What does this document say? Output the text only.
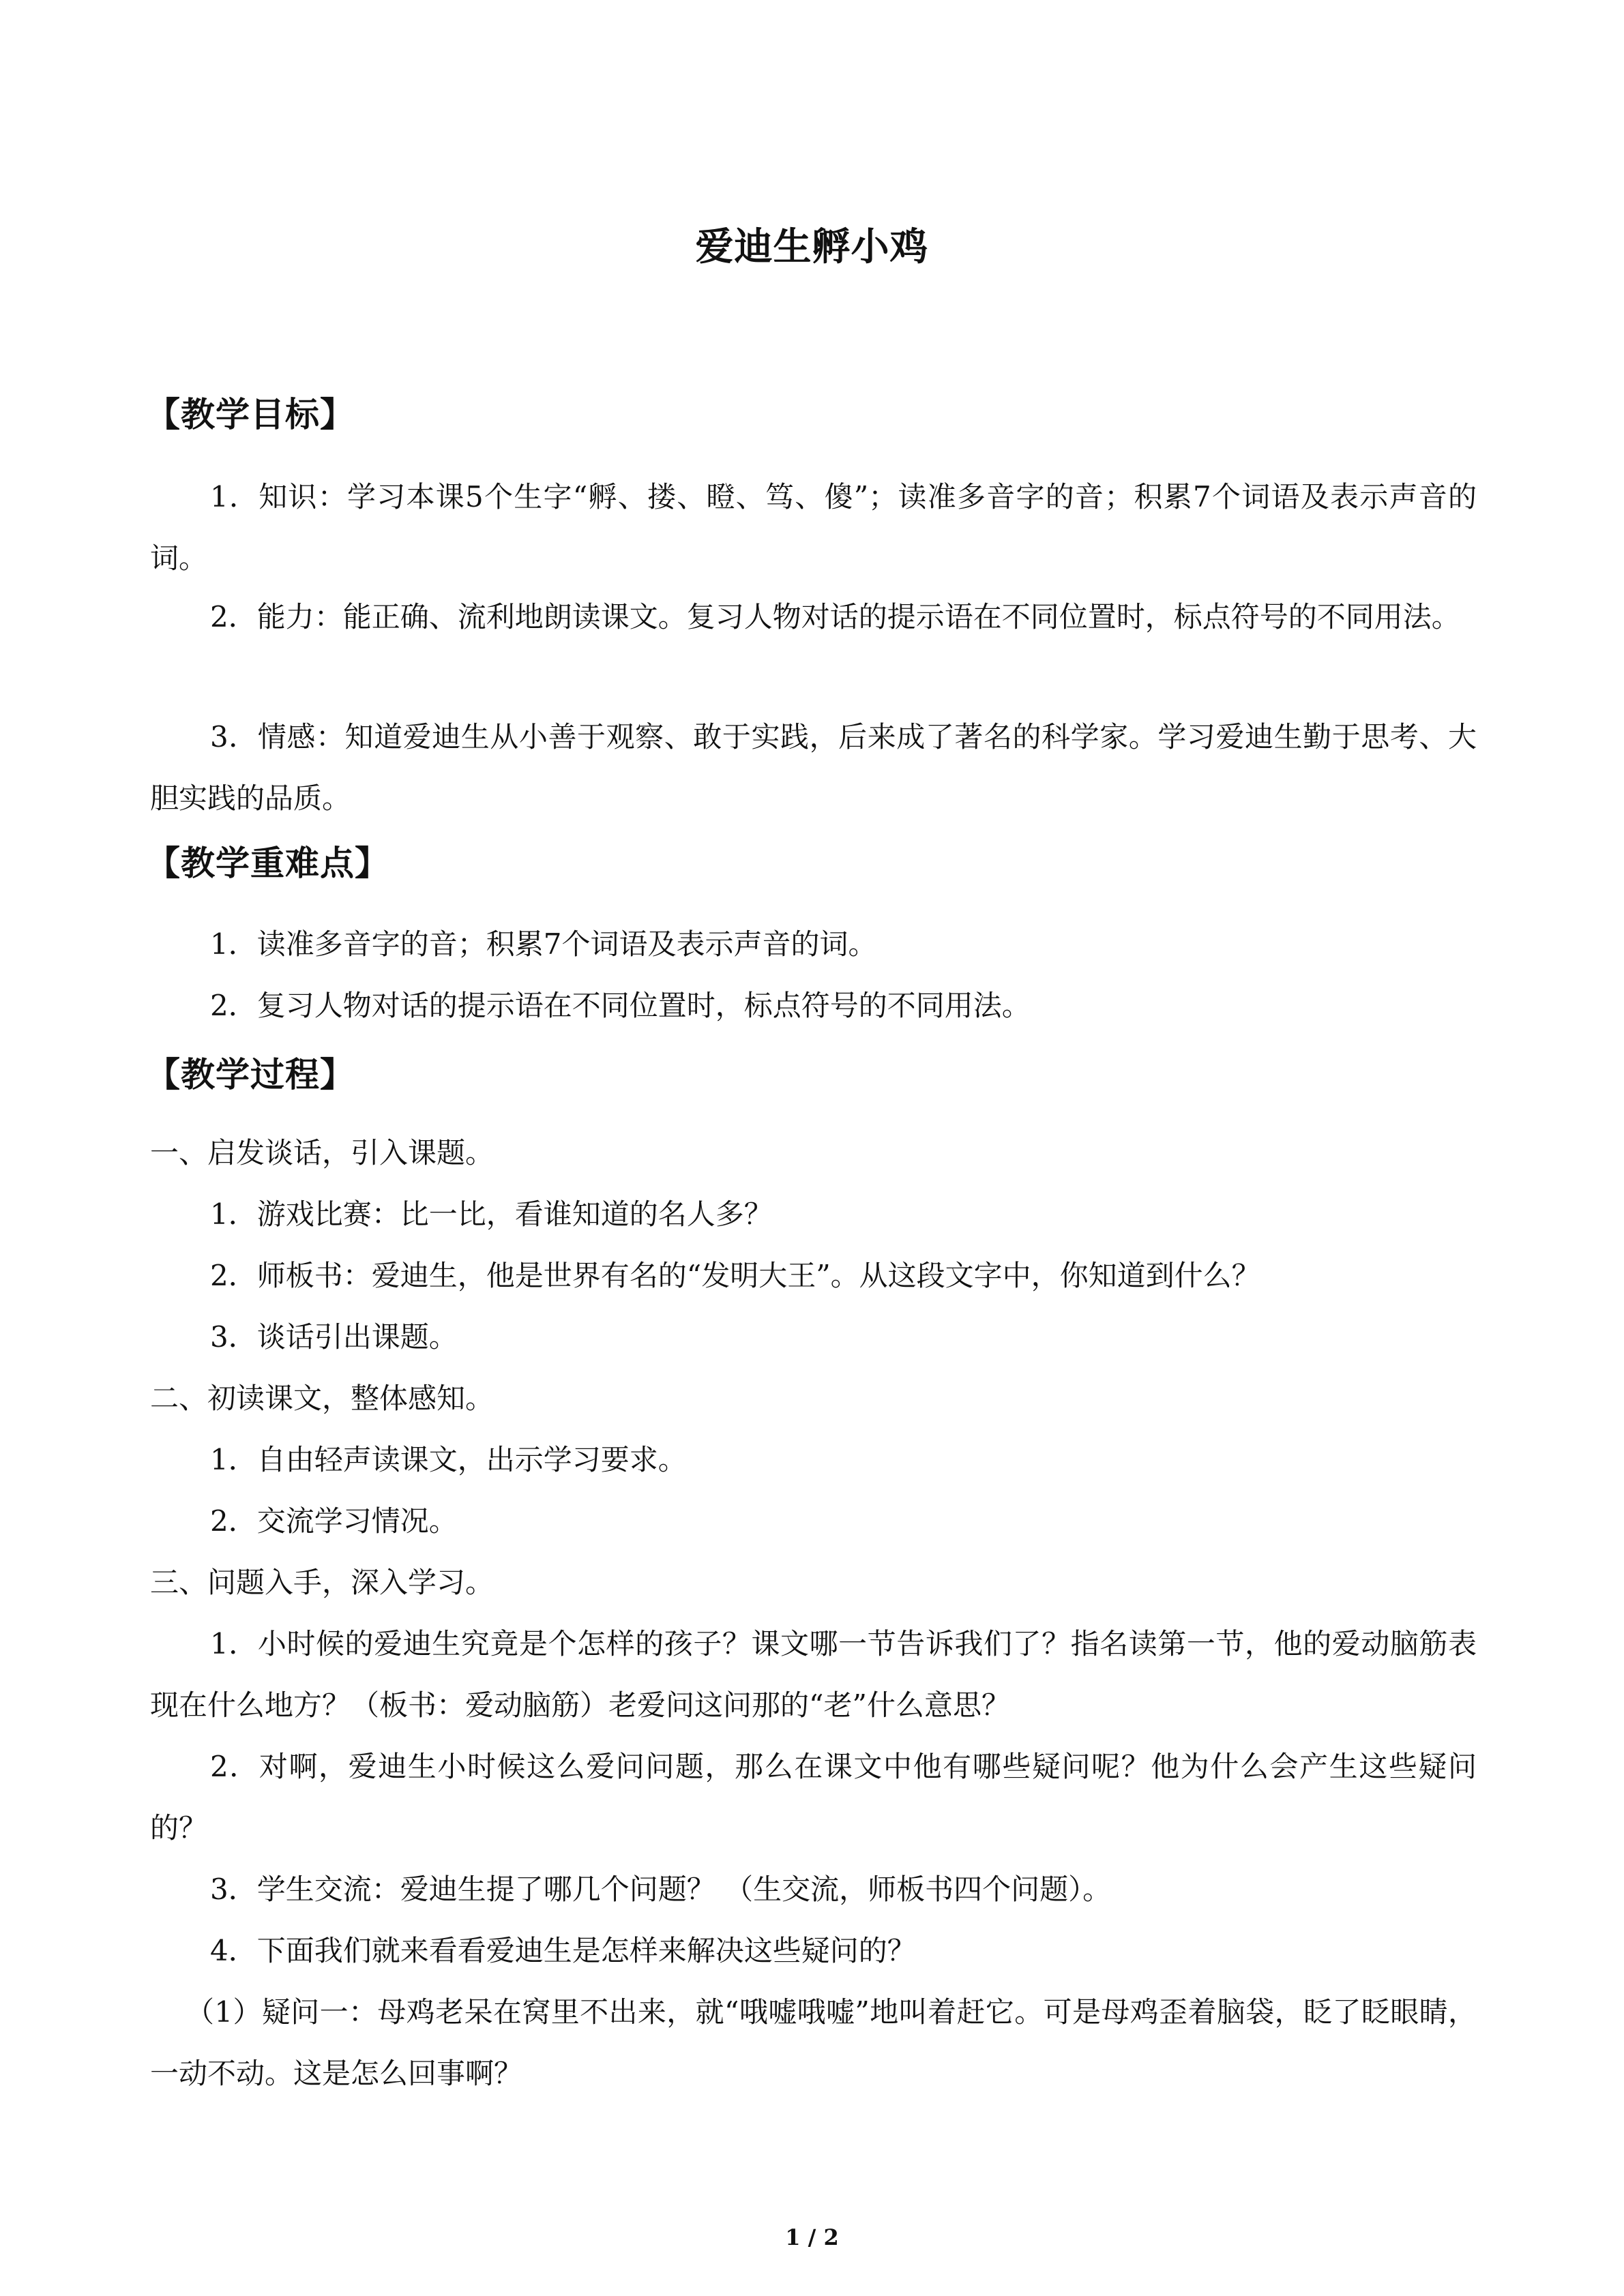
爱迪生孵小鸡
【教学目标】
1．知识：学习本课5个生字“孵、搂、瞪、笃、傻”；读准多音字的音；积累7个词语及表示声音的词。
2．能力：能正确、流利地朗读课文。复习人物对话的提示语在不同位置时，标点符号的不同用法。
3．情感：知道爱迪生从小善于观察、敢于实践，后来成了著名的科学家。学习爱迪生勤于思考、大胆实践的品质。
【教学重难点】
1．读准多音字的音；积累7个词语及表示声音的词。
2．复习人物对话的提示语在不同位置时，标点符号的不同用法。
【教学过程】
一、启发谈话，引入课题。
1．游戏比赛：比一比，看谁知道的名人多？
2．师板书：爱迪生，他是世界有名的“发明大王”。从这段文字中，你知道到什么？
3．谈话引出课题。
二、初读课文，整体感知。
1．自由轻声读课文，出示学习要求。
2．交流学习情况。
三、问题入手，深入学习。
1．小时候的爱迪生究竟是个怎样的孩子？课文哪一节告诉我们了？指名读第一节，他的爱动脑筋表现在什么地方？（板书：爱动脑筋）老爱问这问那的“老”什么意思？
2．对啊，爱迪生小时候这么爱问问题，那么在课文中他有哪些疑问呢？他为什么会产生这些疑问的？
3．学生交流：爱迪生提了哪几个问题？ （生交流，师板书四个问题）。
4．下面我们就来看看爱迪生是怎样来解决这些疑问的？
（1）疑问一：母鸡老呆在窝里不出来，就“哦嘘哦嘘”地叫着赶它。可是母鸡歪着脑袋，眨了眨眼睛，一动不动。这是怎么回事啊？
1 / 2
